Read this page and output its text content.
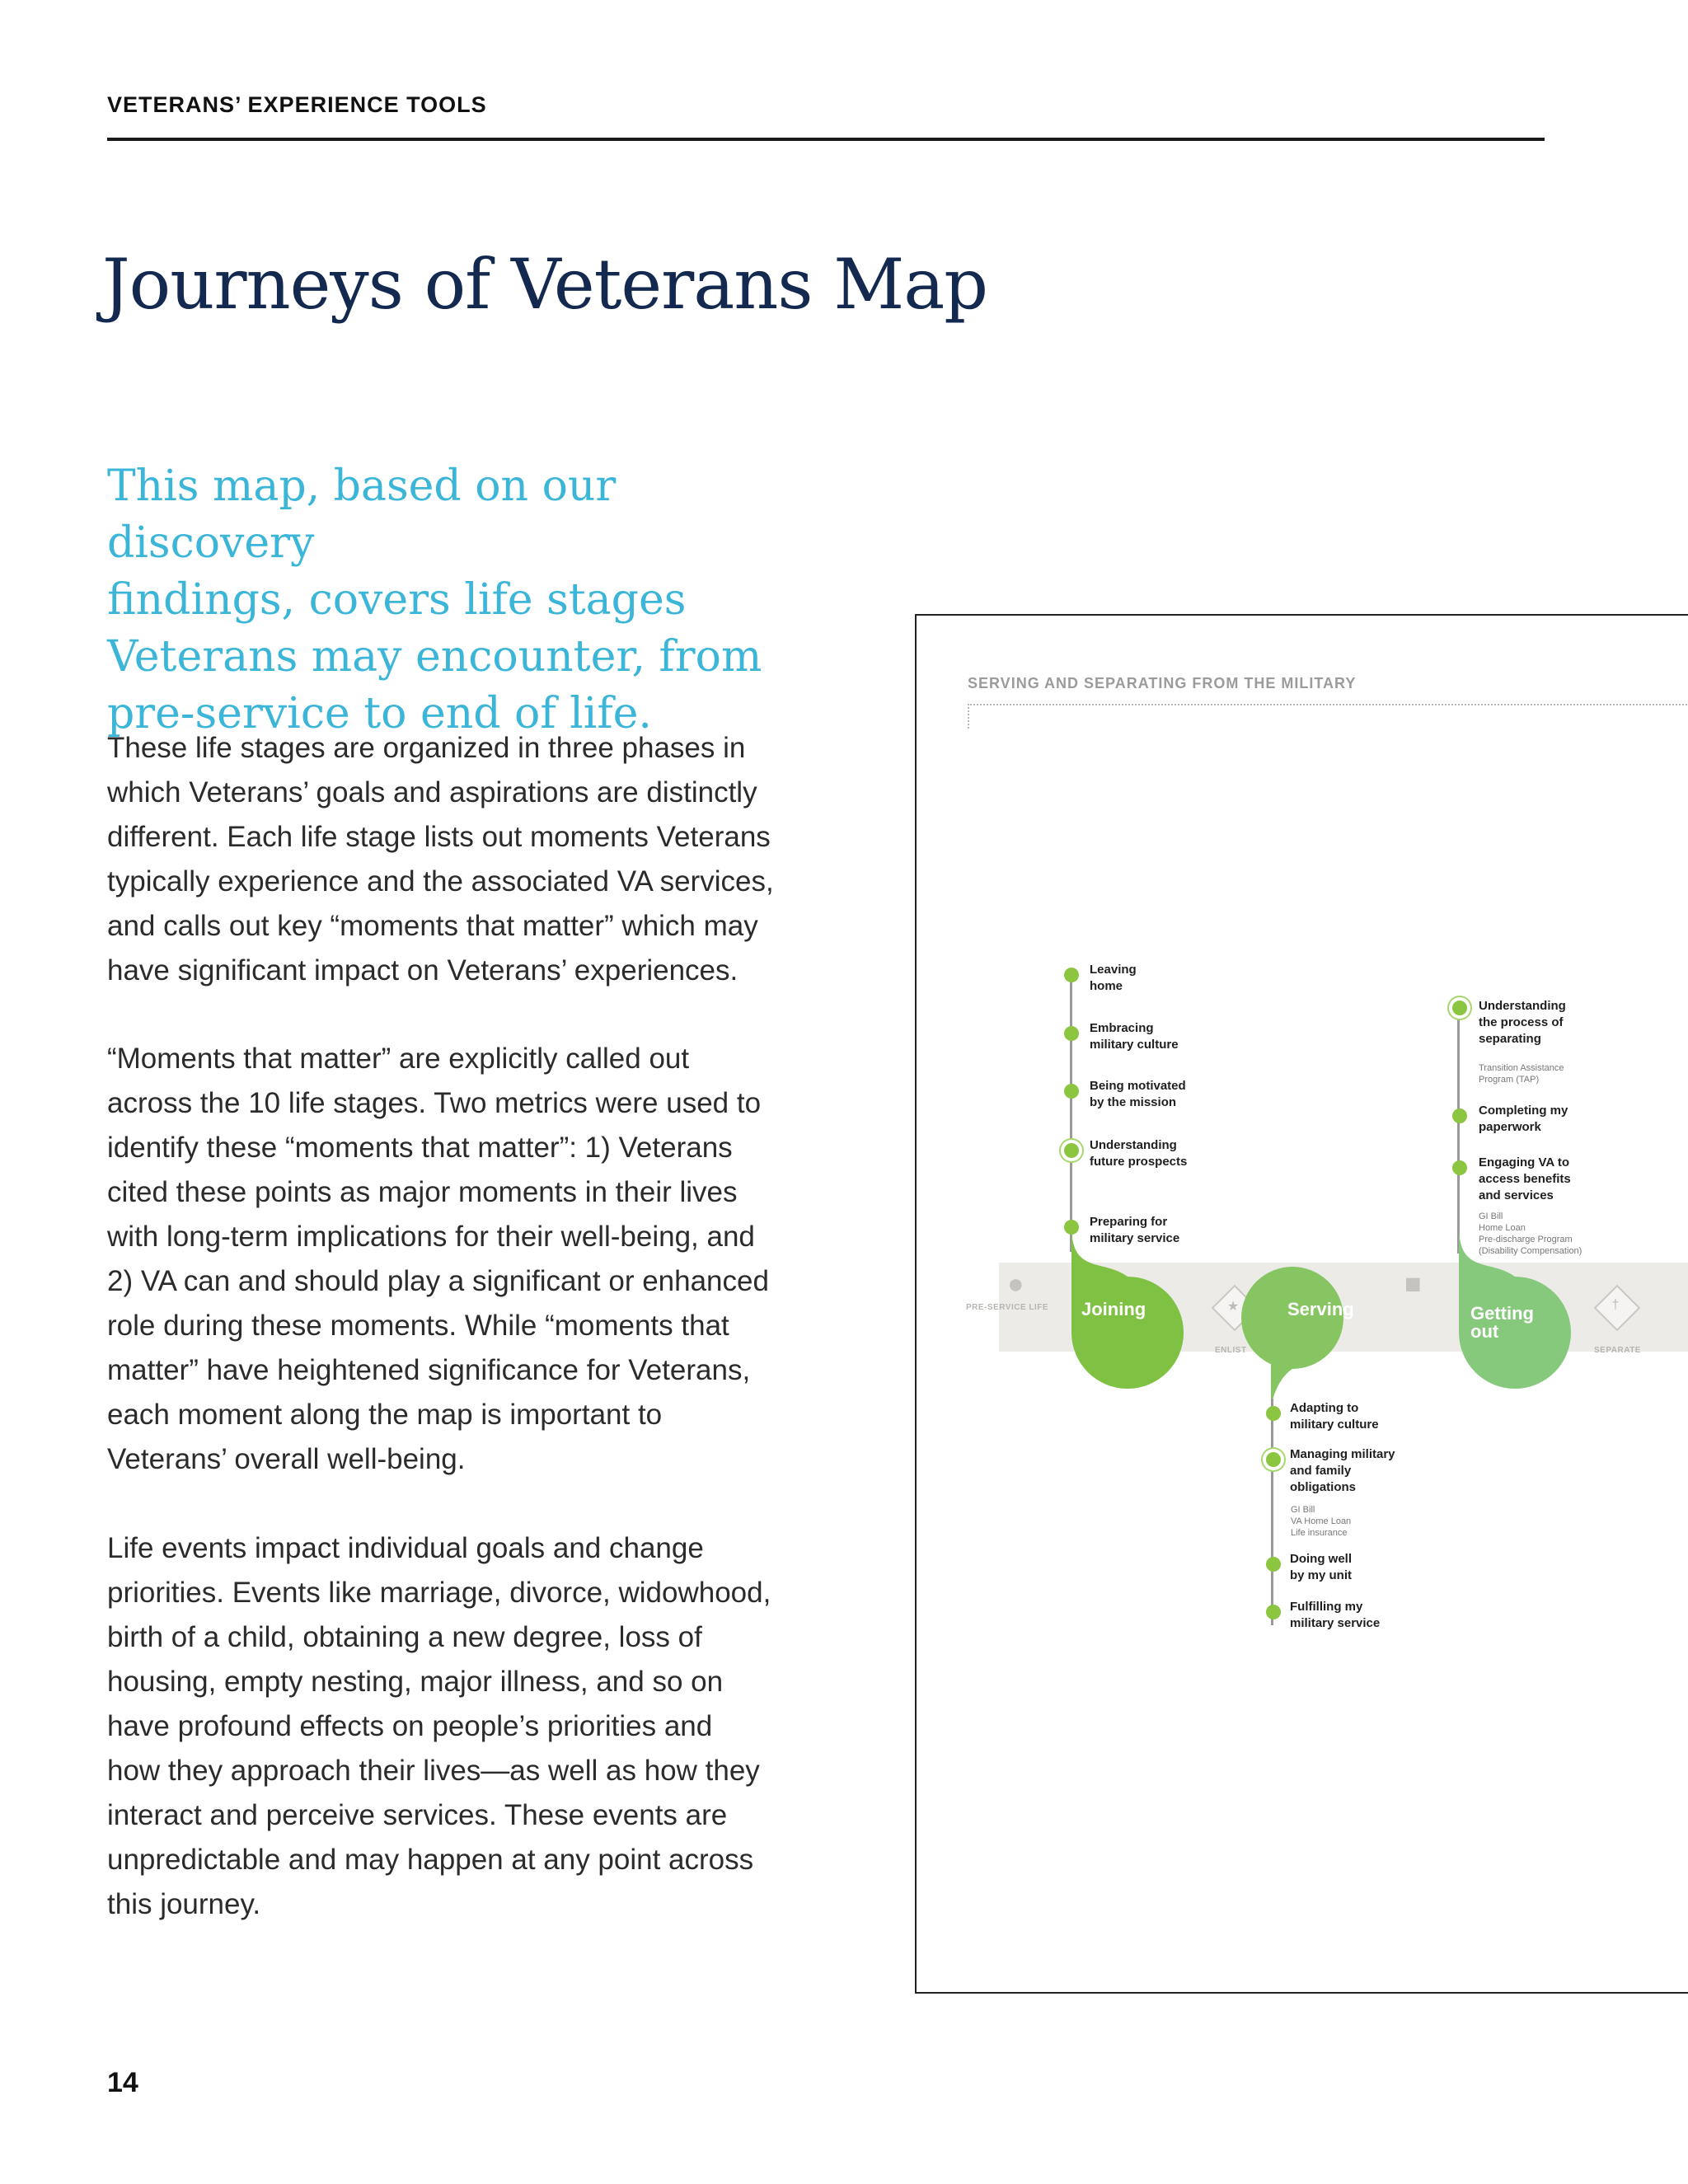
VETERANS’ EXPERIENCE TOOLS
Journeys of Veterans Map
This map, based on our discovery
findings, covers life stages
Veterans may encounter, from
pre-service to end of life.
These life stages are organized in three phases in
which Veterans’ goals and aspirations are distinctly
different. Each life stage lists out moments Veterans
typically experience and the associated VA services,
and calls out key “moments that matter” which may
have significant impact on Veterans’ experiences.
“Moments that matter” are explicitly called out
across the 10 life stages. Two metrics were used to
identify these “moments that matter”: 1) Veterans
cited these points as major moments in their lives
with long-term implications for their well-being, and
2) VA can and should play a significant or enhanced
role during these moments. While “moments that
matter” have heightened significance for Veterans,
each moment along the map is important to
Veterans’ overall well-being.
Life events impact individual goals and change
priorities. Events like marriage, divorce, widowhood,
birth of a child, obtaining a new degree, loss of
housing, empty nesting, major illness, and so on
have profound effects on people’s priorities and
how they approach their lives—as well as how they
interact and perceive services. These events are
unpredictable and may happen at any point across
this journey.
14
SERVING AND SEPARATING FROM THE MILITARY
●
PRE-SERVICE LIFE
■
Joining
Leaving
home
Embracing
military culture
Being motivated
by the mission
Understanding
future prospects
Preparing for
military service
★
ENLIST
Serving
Adapting to
military culture
Managing military
and family
obligations
GI Bill
VA Home Loan
Life insurance
Doing well
by my unit
Fulfilling my
military service
Getting
out
Understanding
the process of
separating
Transition Assistance
Program (TAP)
Completing my
paperwork
Engaging VA to
access benefits
and services
GI Bill
Home Loan
Pre-discharge Program
(Disability Compensation)
†
SEPARATE
